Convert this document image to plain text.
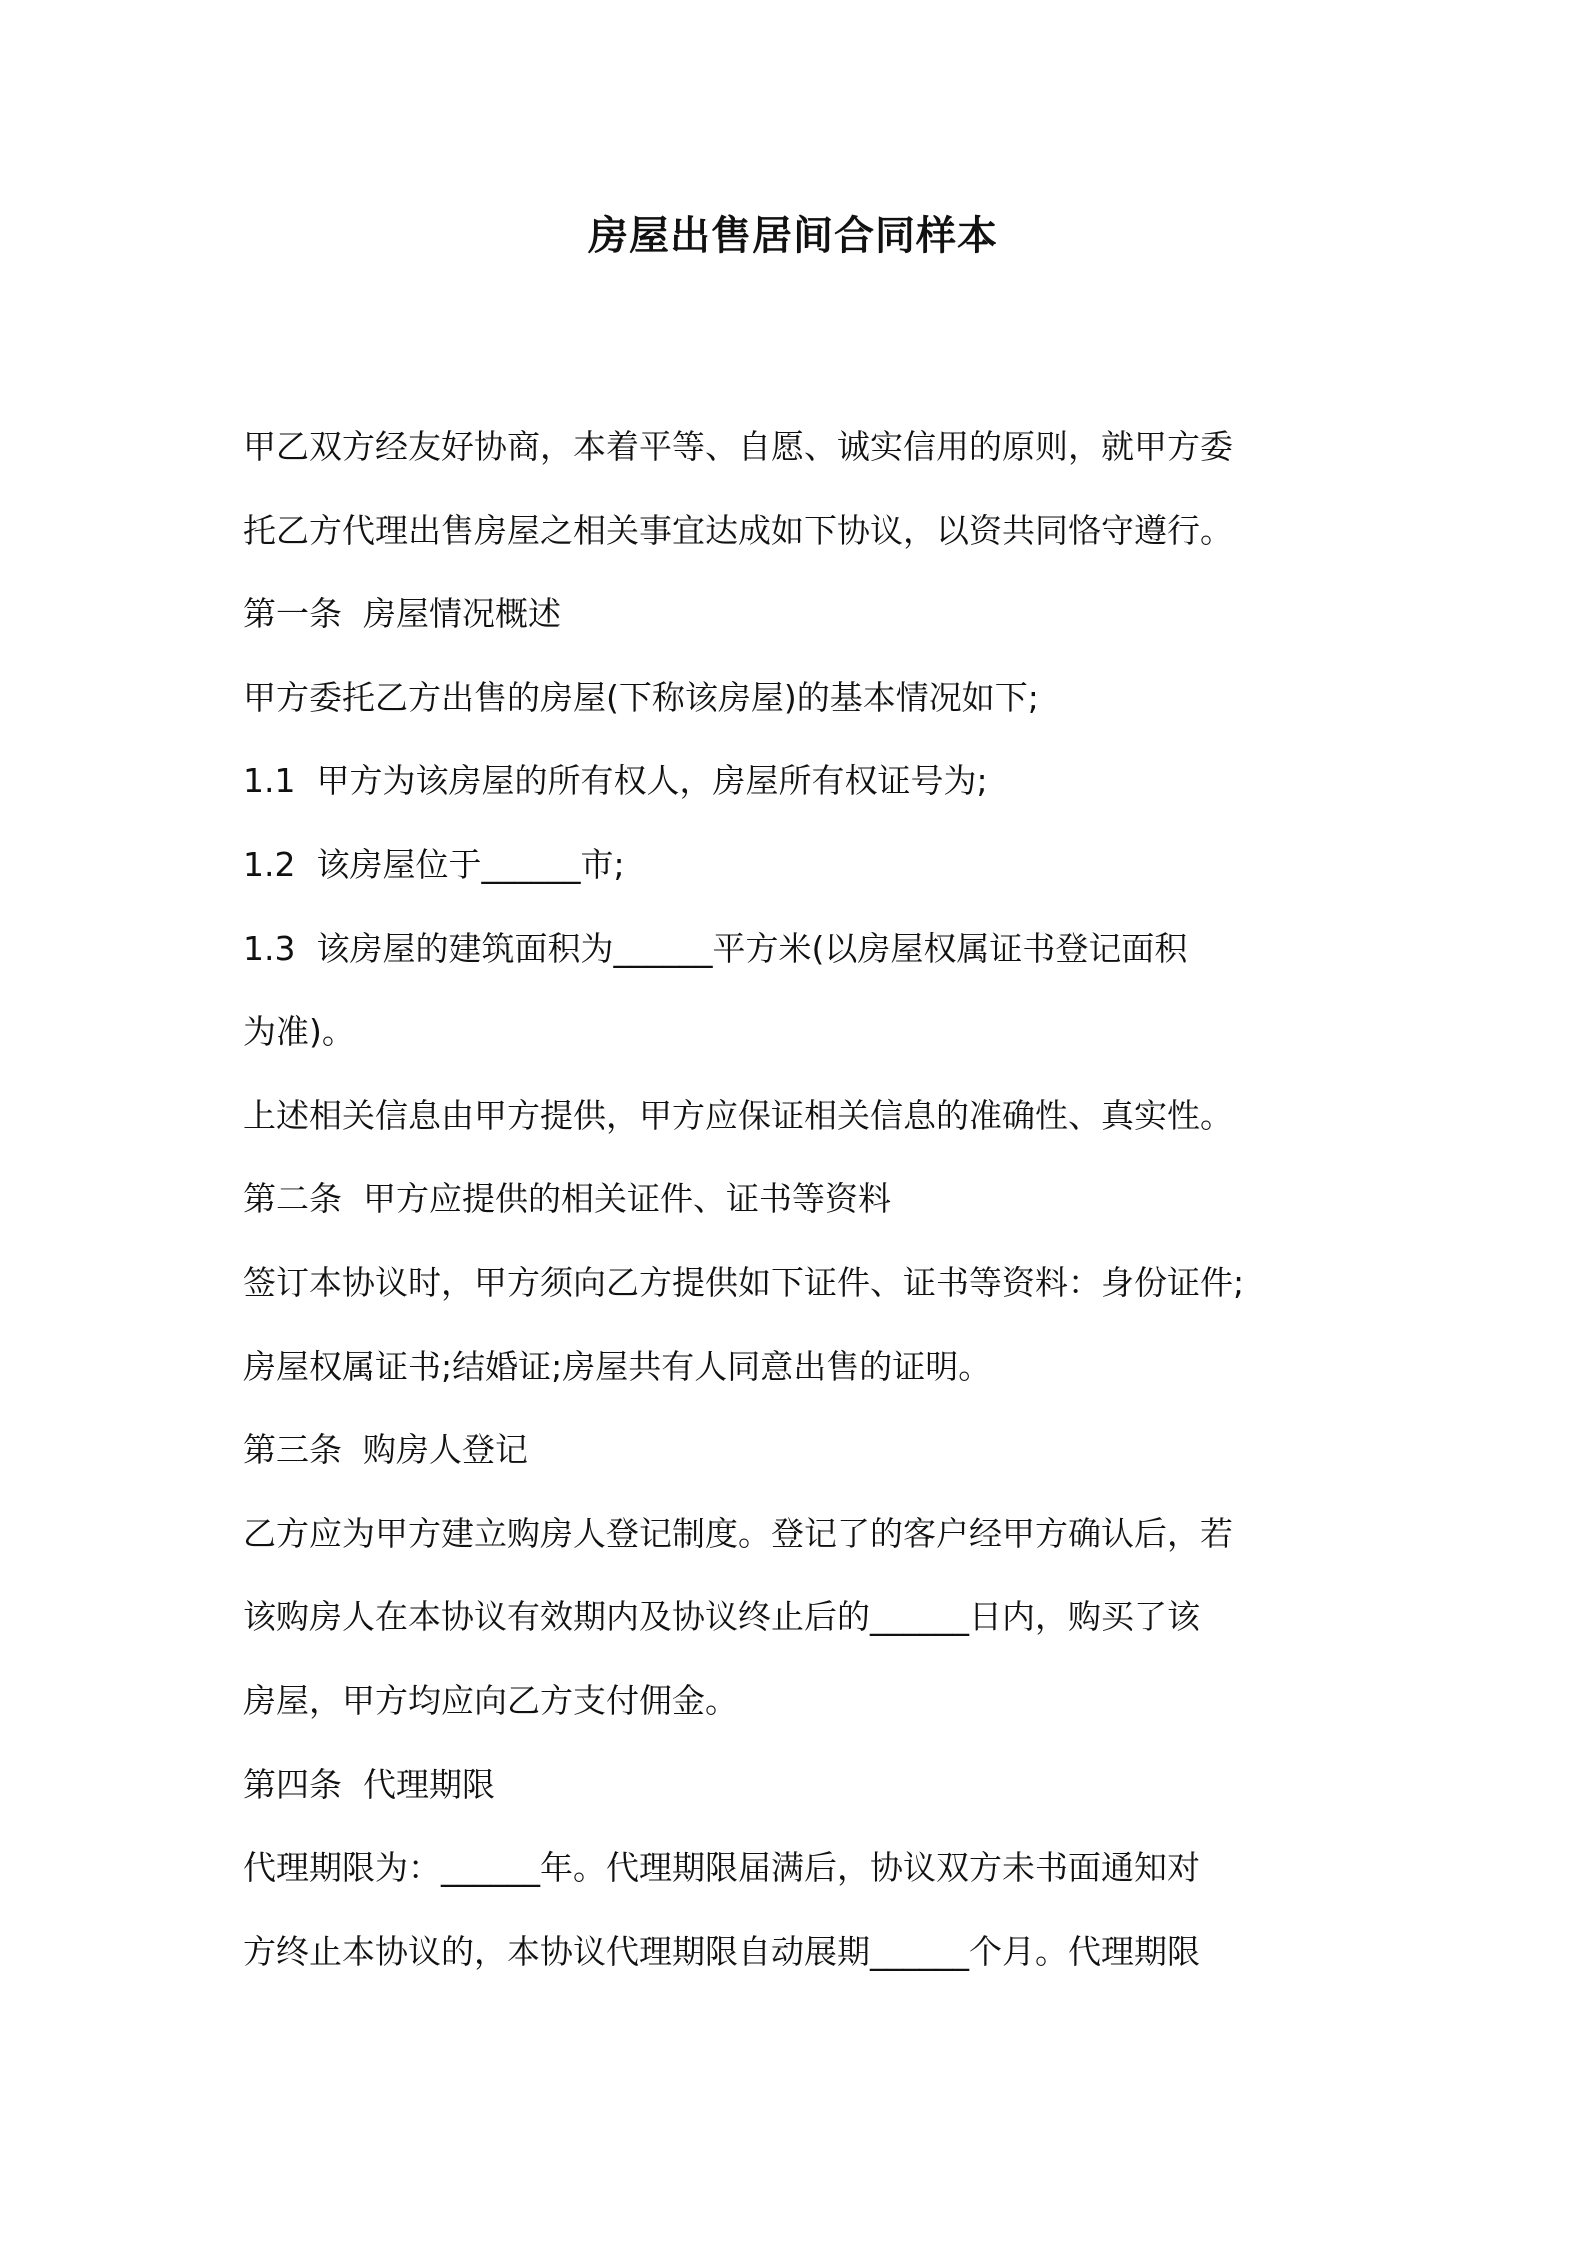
房屋出售居间合同样本
甲乙双方经友好协商，本着平等、自愿、诚实信用的原则，就甲方委
托乙方代理出售房屋之相关事宜达成如下协议，以资共同恪守遵行。
第一条  房屋情况概述
甲方委托乙方出售的房屋(下称该房屋)的基本情况如下;
1.1  甲方为该房屋的所有权人，房屋所有权证号为;
1.2  该房屋位于______市;
1.3  该房屋的建筑面积为______平方米(以房屋权属证书登记面积
为准)。
上述相关信息由甲方提供，甲方应保证相关信息的准确性、真实性。
第二条  甲方应提供的相关证件、证书等资料
签订本协议时，甲方须向乙方提供如下证件、证书等资料：身份证件;
房屋权属证书;结婚证;房屋共有人同意出售的证明。
第三条  购房人登记
乙方应为甲方建立购房人登记制度。登记了的客户经甲方确认后，若
该购房人在本协议有效期内及协议终止后的______日内，购买了该
房屋，甲方均应向乙方支付佣金。
第四条  代理期限
代理期限为：______年。代理期限届满后，协议双方未书面通知对
方终止本协议的，本协议代理期限自动展期______个月。代理期限
